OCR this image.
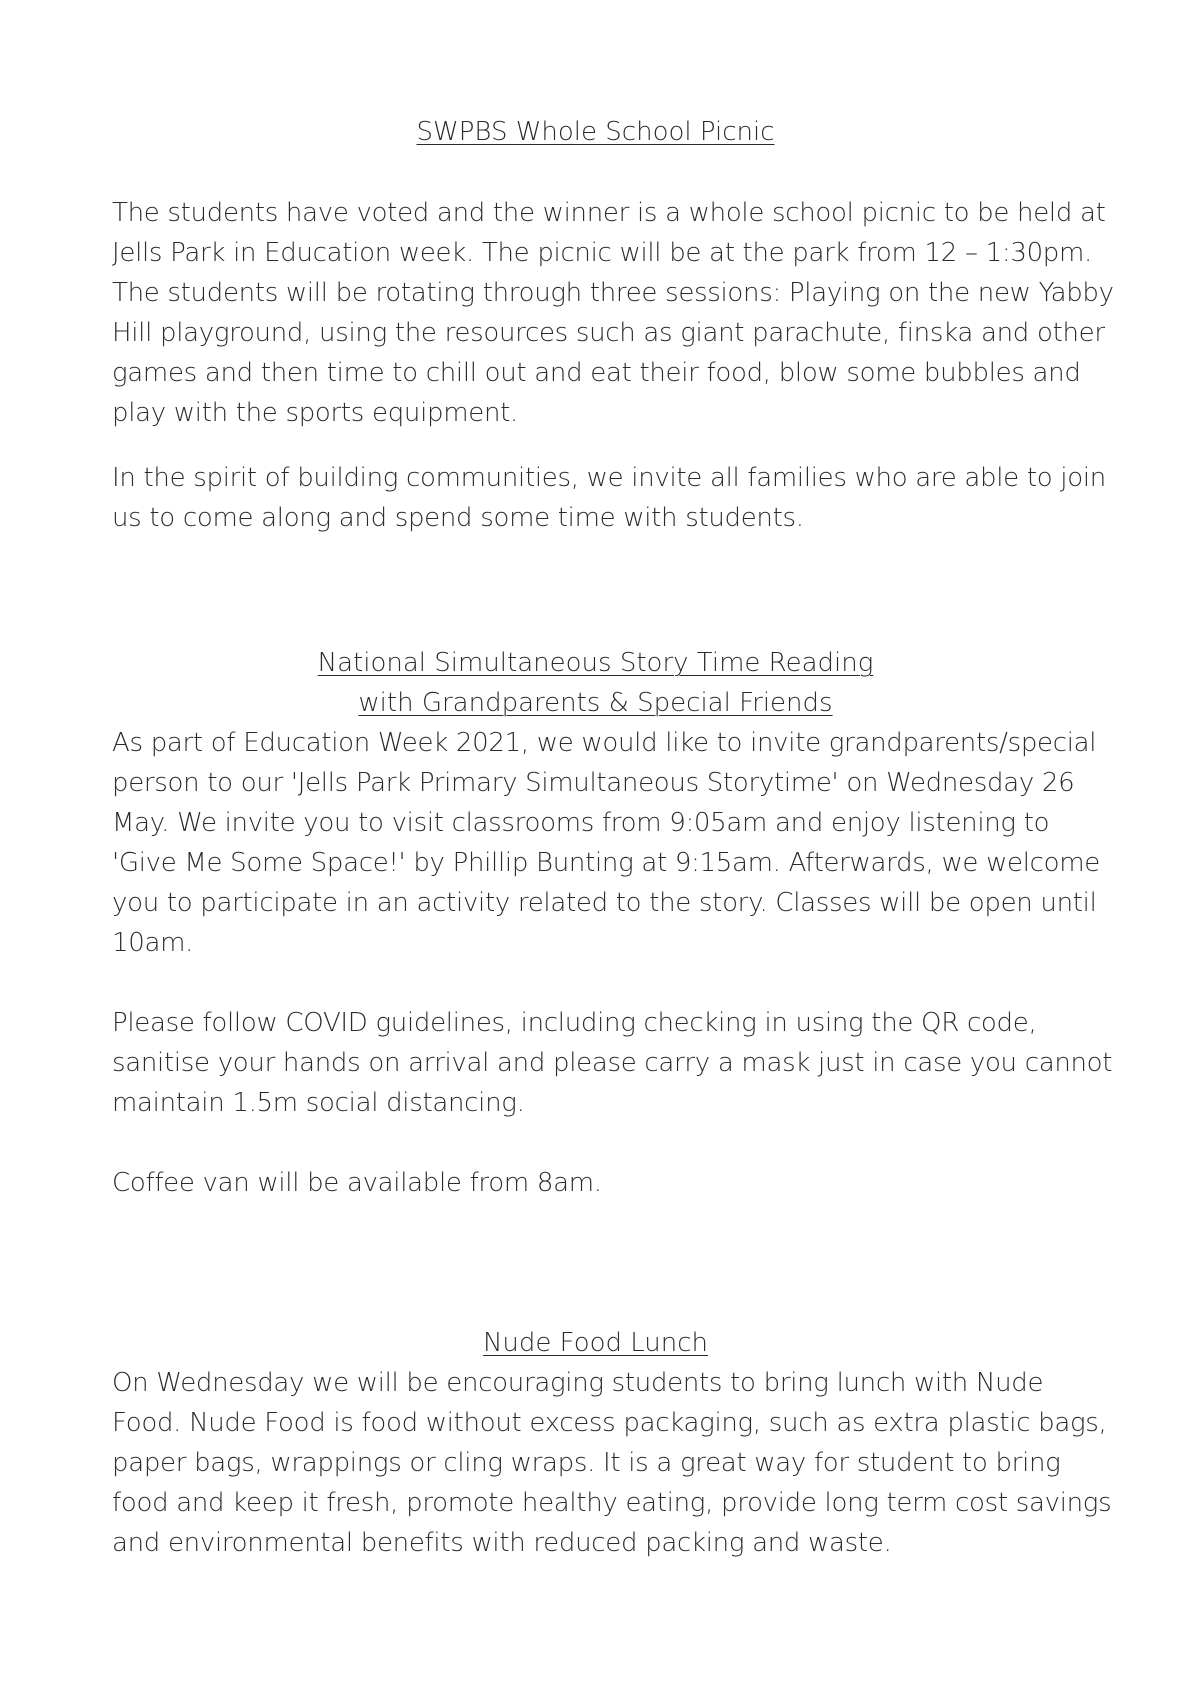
SWPBS Whole School Picnic

The students have voted and the winner is a whole school picnic to be held at
Jells Park in Education week. The picnic will be at the park from 12 – 1:30pm.
The students will be rotating through three sessions: Playing on the new Yabby
Hill playground, using the resources such as giant parachute, finska and other
games and then time to chill out and eat their food, blow some bubbles and
play with the sports equipment.

In the spirit of building communities, we invite all families who are able to join
us to come along and spend some time with students.

National Simultaneous Story Time Reading
with Grandparents & Special Friends

As part of Education Week 2021, we would like to invite grandparents/special
person to our 'Jells Park Primary Simultaneous Storytime' on Wednesday 26
May. We invite you to visit classrooms from 9:05am and enjoy listening to
'Give Me Some Space!' by Phillip Bunting at 9:15am. Afterwards, we welcome
you to participate in an activity related to the story. Classes will be open until
10am.

Please follow COVID guidelines, including checking in using the QR code,
sanitise your hands on arrival and please carry a mask just in case you cannot
maintain 1.5m social distancing.

Coffee van will be available from 8am.

Nude Food Lunch

On Wednesday we will be encouraging students to bring lunch with Nude
Food. Nude Food is food without excess packaging, such as extra plastic bags,
paper bags, wrappings or cling wraps. It is a great way for student to bring
food and keep it fresh, promote healthy eating, provide long term cost savings
and environmental benefits with reduced packing and waste.
